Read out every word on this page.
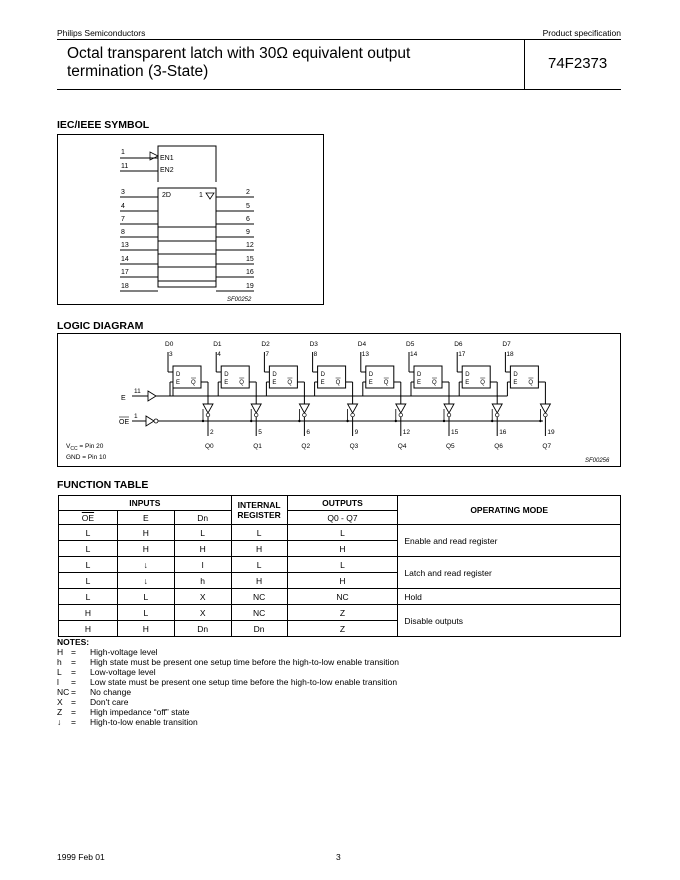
Philips Semiconductors	Product specification
Octal transparent latch with 30Ω equivalent output
termination (3-State)	74F2373
IEC/IEEE SYMBOL
1
11
EN1
EN2
3	2
4	5
7	6
8	9
13	12
14	15
17	16
18	19
2D	1
SF00252
LOGIC DIAGRAM
D0
3
D
E Q
2
Q0
D1
4
D
E Q
5
Q1
D2
7
D
E Q
6
Q2
D3
8
D
E Q
9
Q3
D4
13
D
E Q
12
Q4
D5
14
D
E Q
15
Q5
D6
17
D
E Q
16
Q6
D7
18
D
E Q
19
Q7
E
11
OE
1
$V_{CC}$ = Pin 20
GND = Pin 10	SF00256
FUNCTION TABLE
INPUTS			INTERNAL
REGISTER	OUTPUTS	OPERATING MODE
$\overline{OE}$	E	Dn		Q0 - Q7	
L	H	L	L	L	Enable and read register
L	H	H	H	H	
L	↓	l	L	L	Latch and read register
L	↓	h	H	H	
L	L	X	NC	NC	Hold
H	L	X	NC	Z	Disable outputs
H	H	Dn	Dn	Z	
NOTES:
H = High-voltage level
h = High state must be present one setup time before the high-to-low enable transition
L = Low-voltage level
l = Low state must be present one setup time before the high-to-low enable transition
NC = No change
X = Don't care
Z = High impedance “off” state
↓ = High-to-low enable transition
1999 Feb 01	3
